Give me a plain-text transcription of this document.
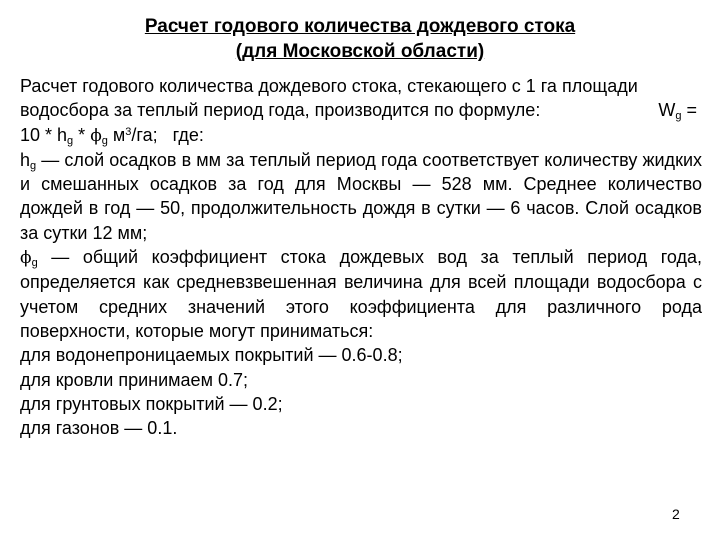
Расчет годового количества дождевого стока
(для Московской области)

Расчет годового количества дождевого стока, стекающего с 1 га площади водосбора за теплый период года, производится по формуле:	$W_g = 10 * h_g * \phi_g$ $м^3/га$; где:

$h_g$ — слой осадков в мм за теплый период года соответствует количеству жидких и смешанных осадков за год для Москвы — 528 мм. Среднее количество дождей в год — 50, продолжительность дождя в сутки — 6 часов. Слой осадков за сутки 12 мм;

$\phi_g$ — общий коэффициент стока дождевых вод за теплый период года, определяется как средневзвешенная величина для всей площади водосбора с учетом средних значений этого коэффициента для различного рода поверхности, которые могут приниматься:

для водонепроницаемых покрытий — 0.6-0.8;

для кровли принимаем 0.7;

для грунтовых покрытий — 0.2;

для газонов — 0.1.

2
